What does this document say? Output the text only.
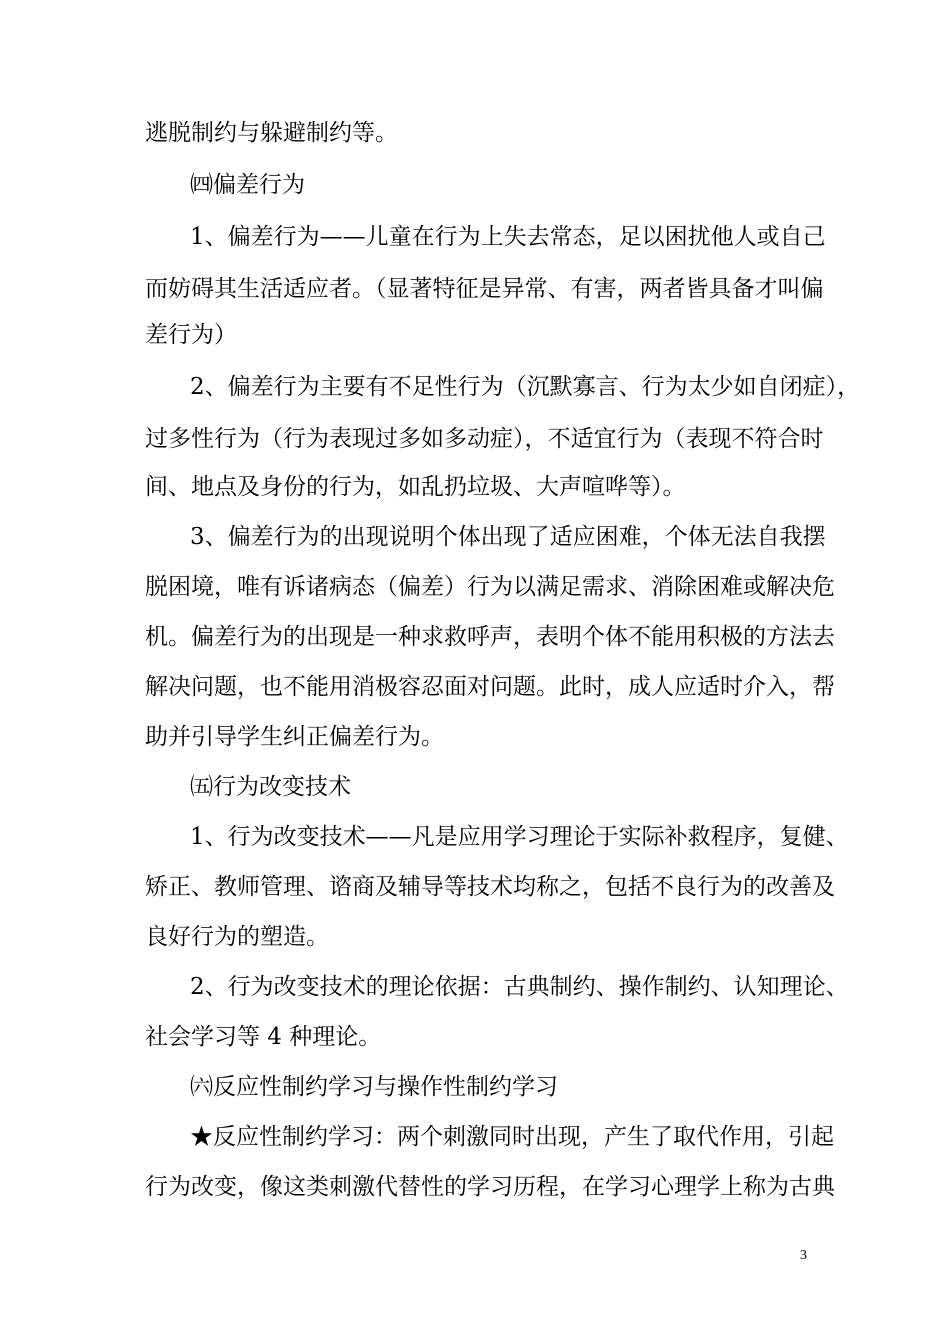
逃脱制约与躲避制约等。
㈣偏差行为
1、偏差行为——儿童在行为上失去常态，足以困扰他人或自己
而妨碍其生活适应者。（显著特征是异常、有害，两者皆具备才叫偏
差行为）
2、偏差行为主要有不足性行为（沉默寡言、行为太少如自闭症），
过多性行为（行为表现过多如多动症），不适宜行为（表现不符合时
间、地点及身份的行为，如乱扔垃圾、大声喧哗等）。
3、偏差行为的出现说明个体出现了适应困难，个体无法自我摆
脱困境，唯有诉诸病态（偏差）行为以满足需求、消除困难或解决危
机。偏差行为的出现是一种求救呼声，表明个体不能用积极的方法去
解决问题，也不能用消极容忍面对问题。此时，成人应适时介入，帮
助并引导学生纠正偏差行为。
㈤行为改变技术
1、行为改变技术——凡是应用学习理论于实际补救程序，复健、
矫正、教师管理、谘商及辅导等技术均称之，包括不良行为的改善及
良好行为的塑造。
2、行为改变技术的理论依据：古典制约、操作制约、认知理论、
社会学习等 4 种理论。
㈥反应性制约学习与操作性制约学习
★反应性制约学习：两个刺激同时出现，产生了取代作用，引起
行为改变，像这类刺激代替性的学习历程，在学习心理学上称为古典
3
